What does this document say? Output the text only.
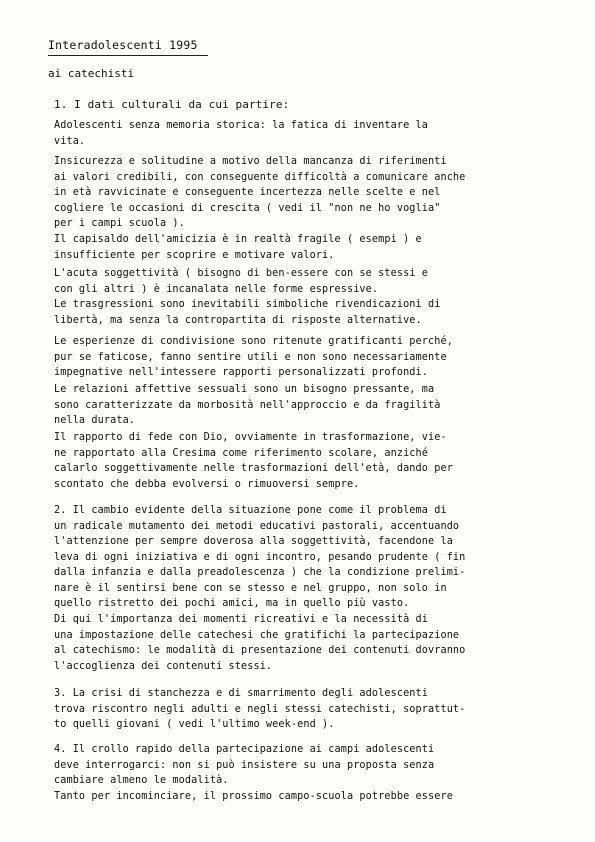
Interadolescenti 1995
ai catechisti
1. I dati culturali da cui partire:
Adolescenti senza memoria storica: la fatica di inventare la
vita.
Insicurezza e solitudine a motivo della mancanza di riferimenti
ai valori credibili, con conseguente difficoltà a comunicare anche
in età ravvicinate e conseguente incertezza nelle scelte e nel
cogliere le occasioni di crescita ( vedi il "non ne ho voglia"
per i campi scuola ).
Il capisaldo dell'amicizia è in realtà fragile ( esempi ) e
insufficiente per scoprire e motivare valori.
L'acuta soggettività ( bisogno di ben-essere con se stessi e
con gli altri ) è incanalata nelle forme espressive.
Le trasgressioni sono inevitabili simboliche rivendicazioni di
libertà, ma senza la contropartita di risposte alternative.
Le esperienze di condivisione sono ritenute gratificanti perché,
pur se faticose, fanno sentire utili e non sono necessariamente
impegnative nell'intessere rapporti personalizzati profondi.
Le relazioni affettive sessuali sono un bisogno pressante, ma
sono caratterizzate da morbosità nell'approccio e da fragilità
nella durata.
Il rapporto di fede con Dio, ovviamente in trasformazione, vie-
ne rapportato alla Cresima come riferimento scolare, anziché
calarlo soggettivamente nelle trasformazioni dell'età, dando per
scontato che debba evolversi o rimuoversi sempre.
2. Il cambio evidente della situazione pone come il problema di
un radicale mutamento dei metodi educativi pastorali, accentuando
l'attenzione per sempre doverosa alla soggettività, facendone la
leva di ogni iniziativa e di ogni incontro, pesando prudente ( fin
dalla infanzia e dalla preadolescenza ) che la condizione prelimi-
nare è il sentirsi bene con se stesso e nel gruppo, non solo in
quello ristretto dei pochi amici, ma in quello più vasto.
Di qui l'importanza dei momenti ricreativi e la necessità di
una impostazione delle catechesi che gratifichi la partecipazione
al catechismo: le modalità di presentazione dei contenuti dovranno
l'accoglienza dei contenuti stessi.
3. La crisi di stanchezza e di smarrimento degli adolescenti
trova riscontro negli adulti e negli stessi catechisti, soprattut-
to quelli giovani ( vedi l'ultimo week-end ).
4. Il crollo rapido della partecipazione ai campi adolescenti
deve interrogarci: non si può insistere su una proposta senza
cambiare almeno le modalità.
Tanto per incominciare, il prossimo campo-scuola potrebbe essere
